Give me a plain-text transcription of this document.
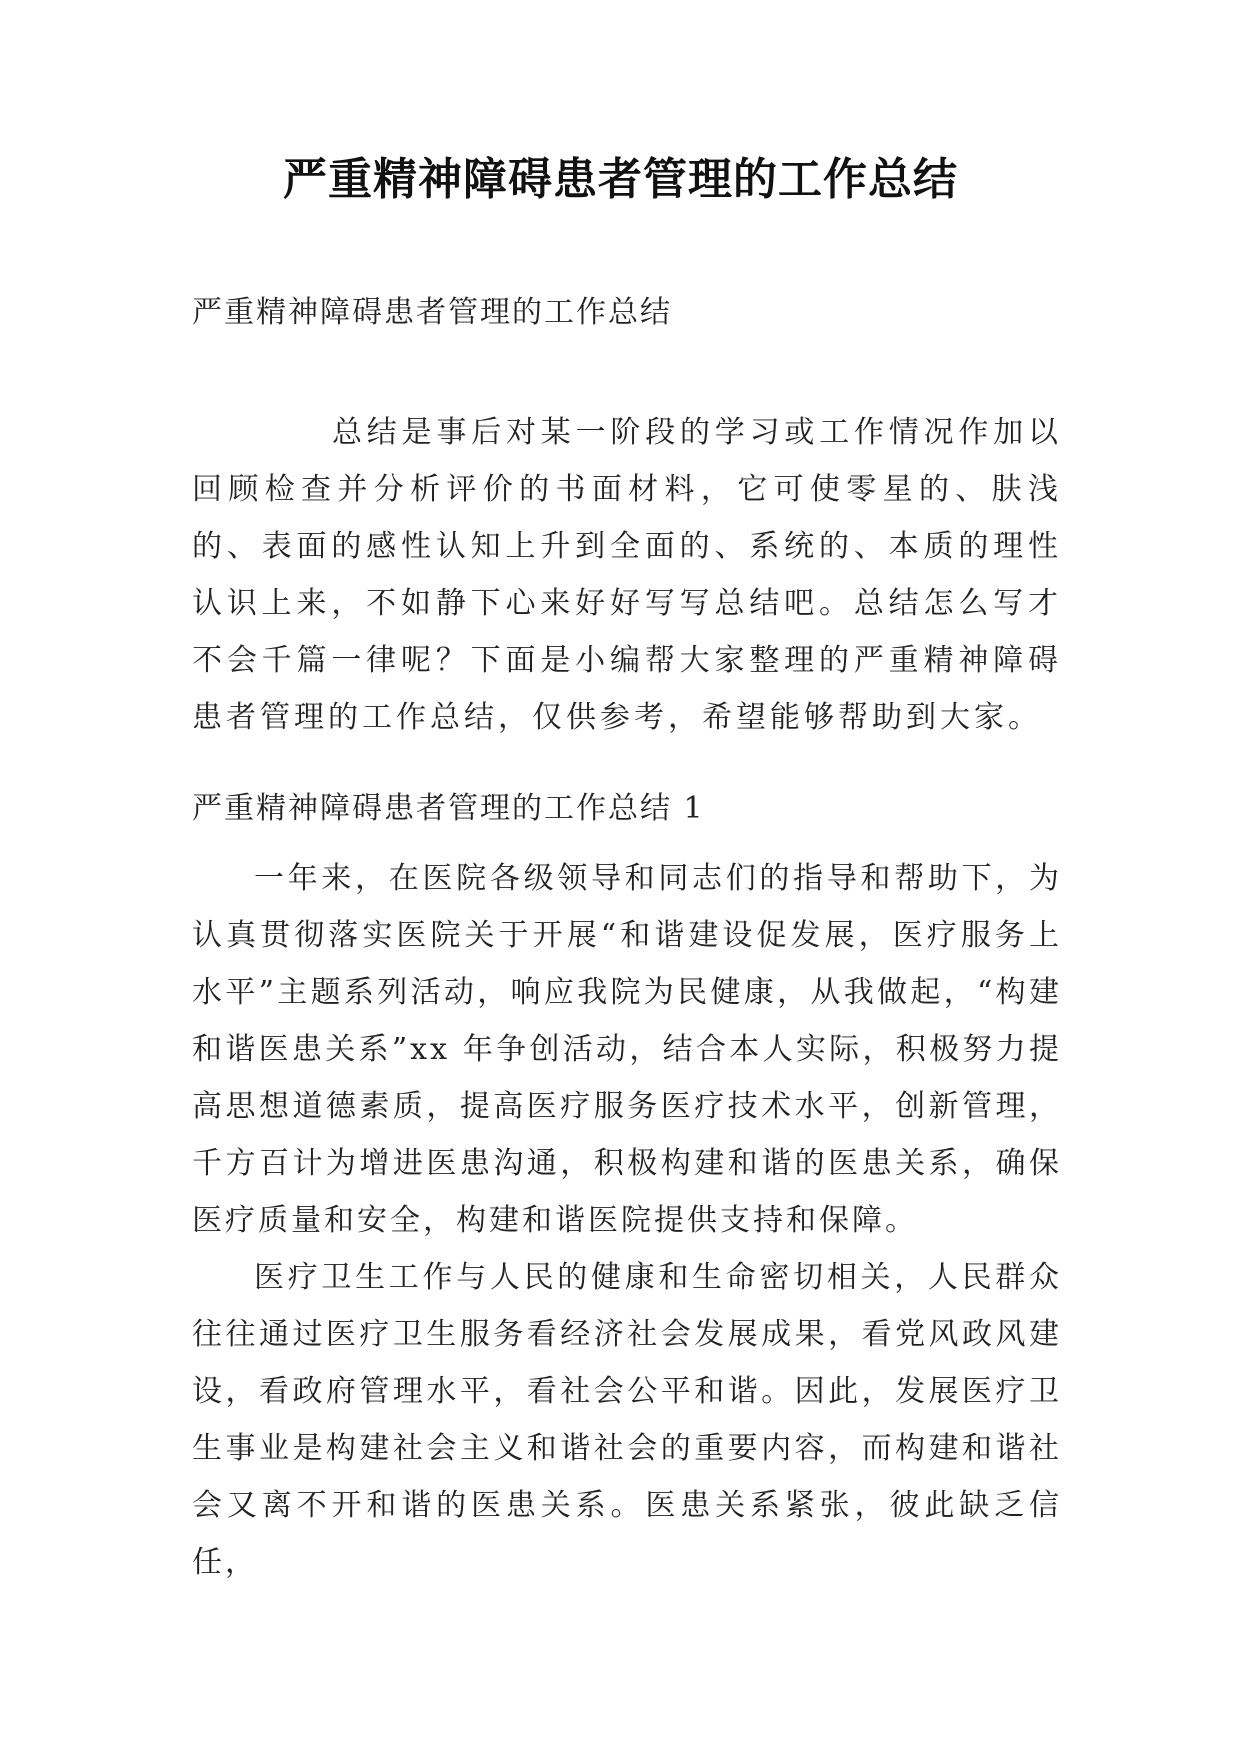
严重精神障碍患者管理的工作总结
严重精神障碍患者管理的工作总结
总结是事后对某一阶段的学习或工作情况作加以回顾检查并分析评价的书面材料，它可使零星的、肤浅的、表面的感性认知上升到全面的、系统的、本质的理性认识上来，不如静下心来好好写写总结吧。总结怎么写才不会千篇一律呢？下面是小编帮大家整理的严重精神障碍患者管理的工作总结，仅供参考，希望能够帮助到大家。
严重精神障碍患者管理的工作总结 1

一年来，在医院各级领导和同志们的指导和帮助下，为认真贯彻落实医院关于开展“和谐建设促发展，医疗服务上水平”主题系列活动，响应我院为民健康，从我做起，“构建和谐医患关系”xx 年争创活动，结合本人实际，积极努力提高思想道德素质，提高医疗服务医疗技术水平，创新管理，千方百计为增进医患沟通，积极构建和谐的医患关系，确保医疗质量和安全，构建和谐医院提供支持和保障。

医疗卫生工作与人民的健康和生命密切相关，人民群众往往通过医疗卫生服务看经济社会发展成果，看党风政风建设，看政府管理水平，看社会公平和谐。因此，发展医疗卫生事业是构建社会主义和谐社会的重要内容，而构建和谐社会又离不开和谐的医患关系。医患关系紧张，彼此缺乏信任，
